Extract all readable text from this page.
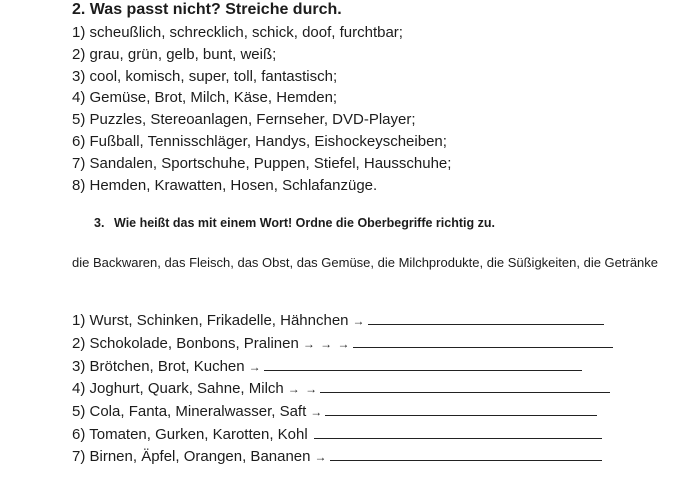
2. Was passt nicht? Streiche durch.
1) scheußlich, schrecklich, schick, doof, furchtbar;
2) grau, grün, gelb, bunt, weiß;
3) cool, komisch, super, toll, fantastisch;
4) Gemüse, Brot, Milch, Käse, Hemden;
5) Puzzles, Stereoanlagen, Fernseher, DVD-Player;
6) Fußball, Tennisschläger, Handys, Eishockeyscheiben;
7) Sandalen, Sportschuhe, Puppen, Stiefel, Hausschuhe;
8) Hemden, Krawatten, Hosen, Schlafanzüge.
3. Wie heißt das mit einem Wort! Ordne die Oberbegriffe richtig zu.
die Backwaren, das Fleisch, das Obst, das Gemüse, die Milchprodukte, die Süßigkeiten, die Getränke
1) Wurst, Schinken, Frikadelle, Hähnchen →
2) Schokolade, Bonbons, Pralinen → → →
3) Brötchen, Brot, Kuchen →
4) Joghurt, Quark, Sahne, Milch → →
5) Cola, Fanta, Mineralwasser, Saft →
6) Tomaten, Gurken, Karotten, Kohl
7) Birnen, Äpfel, Orangen, Bananen →
